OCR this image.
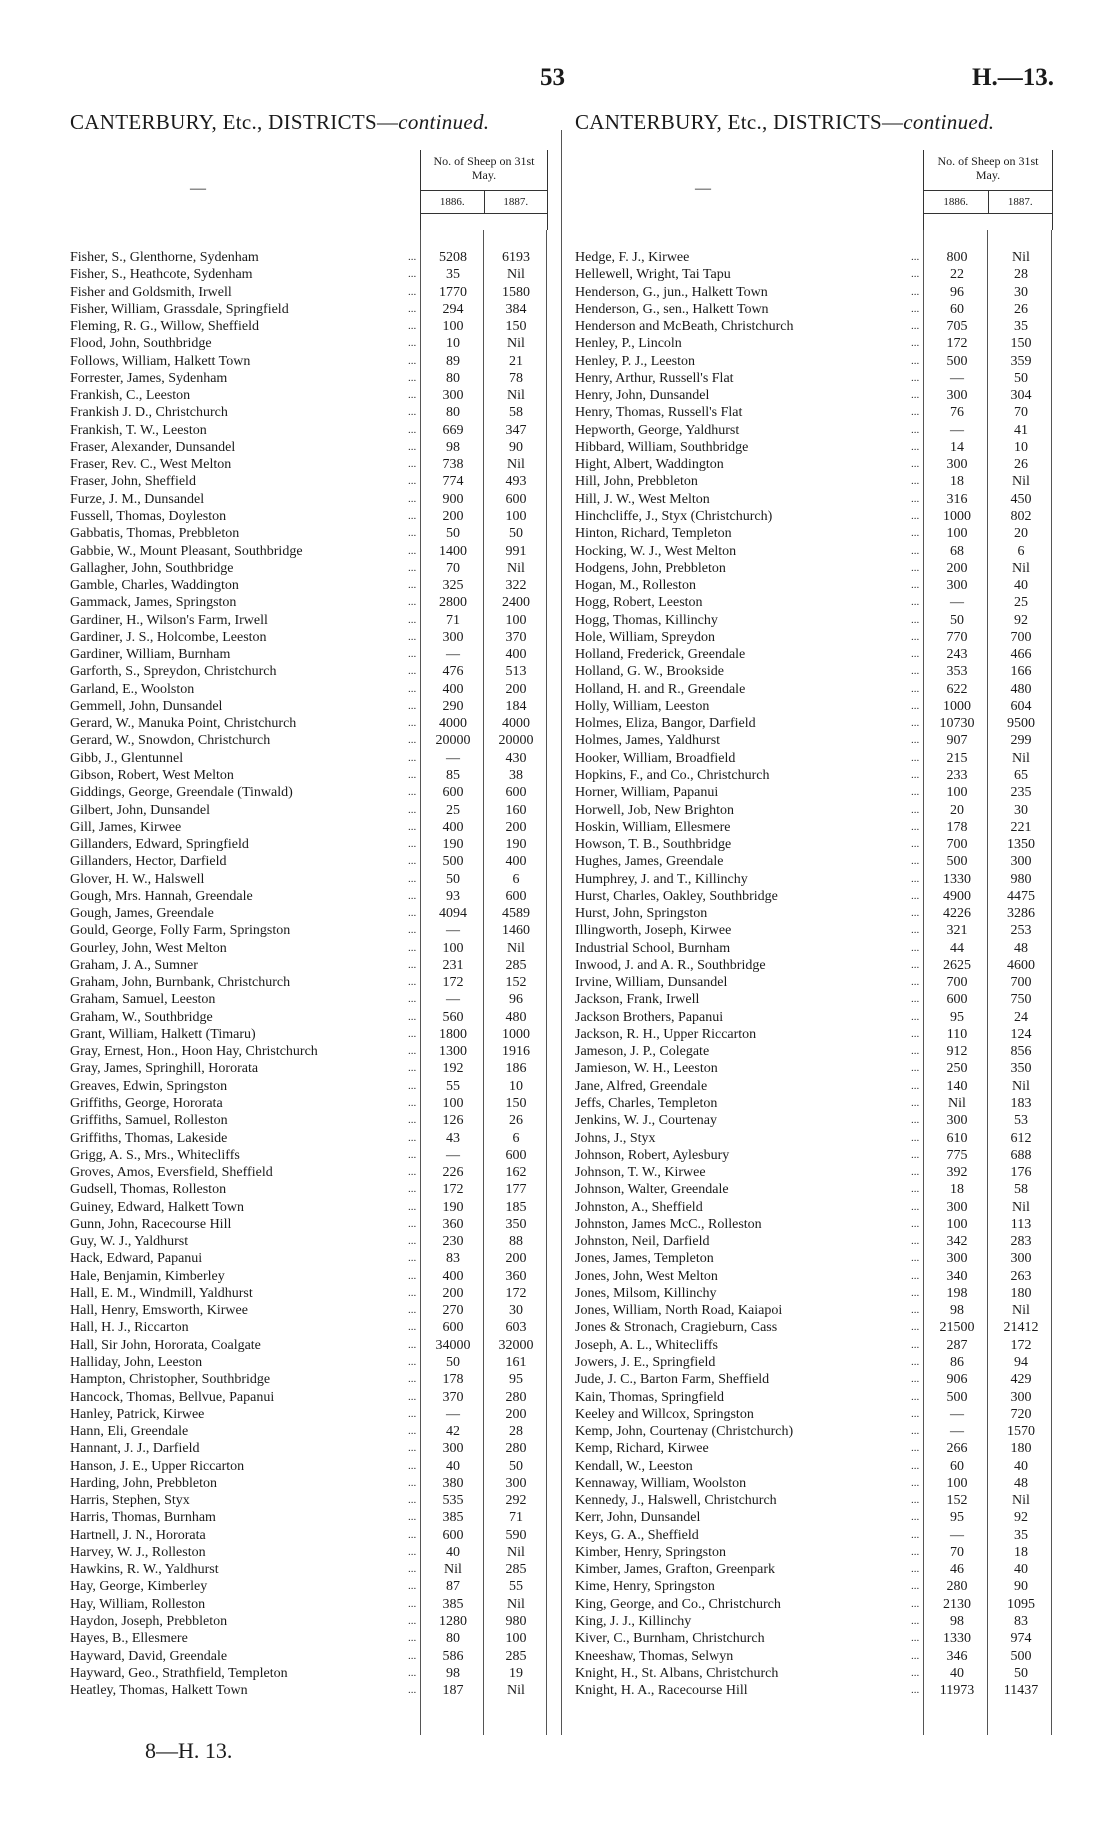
53	H.—13.
CANTERBURY, Etc., DISTRICTS—continued.
—
No. of Sheep on 31st May.
1886.	1887.
Fisher, S., Glenthorne, Sydenham	...	5208	6193
Fisher, S., Heathcote, Sydenham	...	35	Nil
Fisher and Goldsmith, Irwell	...	1770	1580
Fisher, William, Grassdale, Springfield	...	294	384
Fleming, R. G., Willow, Sheffield	...	100	150
Flood, John, Southbridge	...	10	Nil
Follows, William, Halkett Town	...	89	21
Forrester, James, Sydenham	...	80	78
Frankish, C., Leeston	...	300	Nil
Frankish J. D., Christchurch	...	80	58
Frankish, T. W., Leeston	...	669	347
Fraser, Alexander, Dunsandel	...	98	90
Fraser, Rev. C., West Melton	...	738	Nil
Fraser, John, Sheffield	...	774	493
Furze, J. M., Dunsandel	...	900	600
Fussell, Thomas, Doyleston	...	200	100
Gabbatis, Thomas, Prebbleton	...	50	50
Gabbie, W., Mount Pleasant, Southbridge	...	1400	991
Gallagher, John, Southbridge	...	70	Nil
Gamble, Charles, Waddington	...	325	322
Gammack, James, Springston	...	2800	2400
Gardiner, H., Wilson's Farm, Irwell	...	71	100
Gardiner, J. S., Holcombe, Leeston	...	300	370
Gardiner, William, Burnham	...	—	400
Garforth, S., Spreydon, Christchurch	...	476	513
Garland, E., Woolston	...	400	200
Gemmell, John, Dunsandel	...	290	184
Gerard, W., Manuka Point, Christchurch	...	4000	4000
Gerard, W., Snowdon, Christchurch	...	20000	20000
Gibb, J., Glentunnel	...	—	430
Gibson, Robert, West Melton	...	85	38
Giddings, George, Greendale (Tinwald)	...	600	600
Gilbert, John, Dunsandel	...	25	160
Gill, James, Kirwee	...	400	200
Gillanders, Edward, Springfield	...	190	190
Gillanders, Hector, Darfield	...	500	400
Glover, H. W., Halswell	...	50	6
Gough, Mrs. Hannah, Greendale	...	93	600
Gough, James, Greendale	...	4094	4589
Gould, George, Folly Farm, Springston	...	—	1460
Gourley, John, West Melton	...	100	Nil
Graham, J. A., Sumner	...	231	285
Graham, John, Burnbank, Christchurch	...	172	152
Graham, Samuel, Leeston	...	—	96
Graham, W., Southbridge	...	560	480
Grant, William, Halkett (Timaru)	...	1800	1000
Gray, Ernest, Hon., Hoon Hay, Christchurch	...	1300	1916
Gray, James, Springhill, Hororata	...	192	186
Greaves, Edwin, Springston	...	55	10
Griffiths, George, Hororata	...	100	150
Griffiths, Samuel, Rolleston	...	126	26
Griffiths, Thomas, Lakeside	...	43	6
Grigg, A. S., Mrs., Whitecliffs	...	—	600
Groves, Amos, Eversfield, Sheffield	...	226	162
Gudsell, Thomas, Rolleston	...	172	177
Guiney, Edward, Halkett Town	...	190	185
Gunn, John, Racecourse Hill	...	360	350
Guy, W. J., Yaldhurst	...	230	88
Hack, Edward, Papanui	...	83	200
Hale, Benjamin, Kimberley	...	400	360
Hall, E. M., Windmill, Yaldhurst	...	200	172
Hall, Henry, Emsworth, Kirwee	...	270	30
Hall, H. J., Riccarton	...	600	603
Hall, Sir John, Hororata, Coalgate	...	34000	32000
Halliday, John, Leeston	...	50	161
Hampton, Christopher, Southbridge	...	178	95
Hancock, Thomas, Bellvue, Papanui	...	370	280
Hanley, Patrick, Kirwee	...	—	200
Hann, Eli, Greendale	...	42	28
Hannant, J. J., Darfield	...	300	280
Hanson, J. E., Upper Riccarton	...	40	50
Harding, John, Prebbleton	...	380	300
Harris, Stephen, Styx	...	535	292
Harris, Thomas, Burnham	...	385	71
Hartnell, J. N., Hororata	...	600	590
Harvey, W. J., Rolleston	...	40	Nil
Hawkins, R. W., Yaldhurst	...	Nil	285
Hay, George, Kimberley	...	87	55
Hay, William, Rolleston	...	385	Nil
Haydon, Joseph, Prebbleton	...	1280	980
Hayes, B., Ellesmere	...	80	100
Hayward, David, Greendale	...	586	285
Hayward, Geo., Strathfield, Templeton	...	98	19
Heatley, Thomas, Halkett Town	...	187	Nil
CANTERBURY, Etc., DISTRICTS—continued.
—
No. of Sheep on 31st May.
1886.	1887.
Hedge, F. J., Kirwee	...	800	Nil
Hellewell, Wright, Tai Tapu	...	22	28
Henderson, G., jun., Halkett Town	...	96	30
Henderson, G., sen., Halkett Town	...	60	26
Henderson and McBeath, Christchurch	...	705	35
Henley, P., Lincoln	...	172	150
Henley, P. J., Leeston	...	500	359
Henry, Arthur, Russell's Flat	...	—	50
Henry, John, Dunsandel	...	300	304
Henry, Thomas, Russell's Flat	...	76	70
Hepworth, George, Yaldhurst	...	—	41
Hibbard, William, Southbridge	...	14	10
Hight, Albert, Waddington	...	300	26
Hill, John, Prebbleton	...	18	Nil
Hill, J. W., West Melton	...	316	450
Hinchcliffe, J., Styx (Christchurch)	...	1000	802
Hinton, Richard, Templeton	...	100	20
Hocking, W. J., West Melton	...	68	6
Hodgens, John, Prebbleton	...	200	Nil
Hogan, M., Rolleston	...	300	40
Hogg, Robert, Leeston	...	—	25
Hogg, Thomas, Killinchy	...	50	92
Hole, William, Spreydon	...	770	700
Holland, Frederick, Greendale	...	243	466
Holland, G. W., Brookside	...	353	166
Holland, H. and R., Greendale	...	622	480
Holly, William, Leeston	...	1000	604
Holmes, Eliza, Bangor, Darfield	...	10730	9500
Holmes, James, Yaldhurst	...	907	299
Hooker, William, Broadfield	...	215	Nil
Hopkins, F., and Co., Christchurch	...	233	65
Horner, William, Papanui	...	100	235
Horwell, Job, New Brighton	...	20	30
Hoskin, William, Ellesmere	...	178	221
Howson, T. B., Southbridge	...	700	1350
Hughes, James, Greendale	...	500	300
Humphrey, J. and T., Killinchy	...	1330	980
Hurst, Charles, Oakley, Southbridge	...	4900	4475
Hurst, John, Springston	...	4226	3286
Illingworth, Joseph, Kirwee	...	321	253
Industrial School, Burnham	...	44	48
Inwood, J. and A. R., Southbridge	...	2625	4600
Irvine, William, Dunsandel	...	700	700
Jackson, Frank, Irwell	...	600	750
Jackson Brothers, Papanui	...	95	24
Jackson, R. H., Upper Riccarton	...	110	124
Jameson, J. P., Colegate	...	912	856
Jamieson, W. H., Leeston	...	250	350
Jane, Alfred, Greendale	...	140	Nil
Jeffs, Charles, Templeton	...	Nil	183
Jenkins, W. J., Courtenay	...	300	53
Johns, J., Styx	...	610	612
Johnson, Robert, Aylesbury	...	775	688
Johnson, T. W., Kirwee	...	392	176
Johnson, Walter, Greendale	...	18	58
Johnston, A., Sheffield	...	300	Nil
Johnston, James McC., Rolleston	...	100	113
Johnston, Neil, Darfield	...	342	283
Jones, James, Templeton	...	300	300
Jones, John, West Melton	...	340	263
Jones, Milsom, Killinchy	...	198	180
Jones, William, North Road, Kaiapoi	...	98	Nil
Jones & Stronach, Cragieburn, Cass	...	21500	21412
Joseph, A. L., Whitecliffs	...	287	172
Jowers, J. E., Springfield	...	86	94
Jude, J. C., Barton Farm, Sheffield	...	906	429
Kain, Thomas, Springfield	...	500	300
Keeley and Willcox, Springston	...	—	720
Kemp, John, Courtenay (Christchurch)	...	—	1570
Kemp, Richard, Kirwee	...	266	180
Kendall, W., Leeston	...	60	40
Kennaway, William, Woolston	...	100	48
Kennedy, J., Halswell, Christchurch	...	152	Nil
Kerr, John, Dunsandel	...	95	92
Keys, G. A., Sheffield	...	—	35
Kimber, Henry, Springston	...	70	18
Kimber, James, Grafton, Greenpark	...	46	40
Kime, Henry, Springston	...	280	90
King, George, and Co., Christchurch	...	2130	1095
King, J. J., Killinchy	...	98	83
Kiver, C., Burnham, Christchurch	...	1330	974
Kneeshaw, Thomas, Selwyn	...	346	500
Knight, H., St. Albans, Christchurch	...	40	50
Knight, H. A., Racecourse Hill	...	11973	11437
8—H. 13.
